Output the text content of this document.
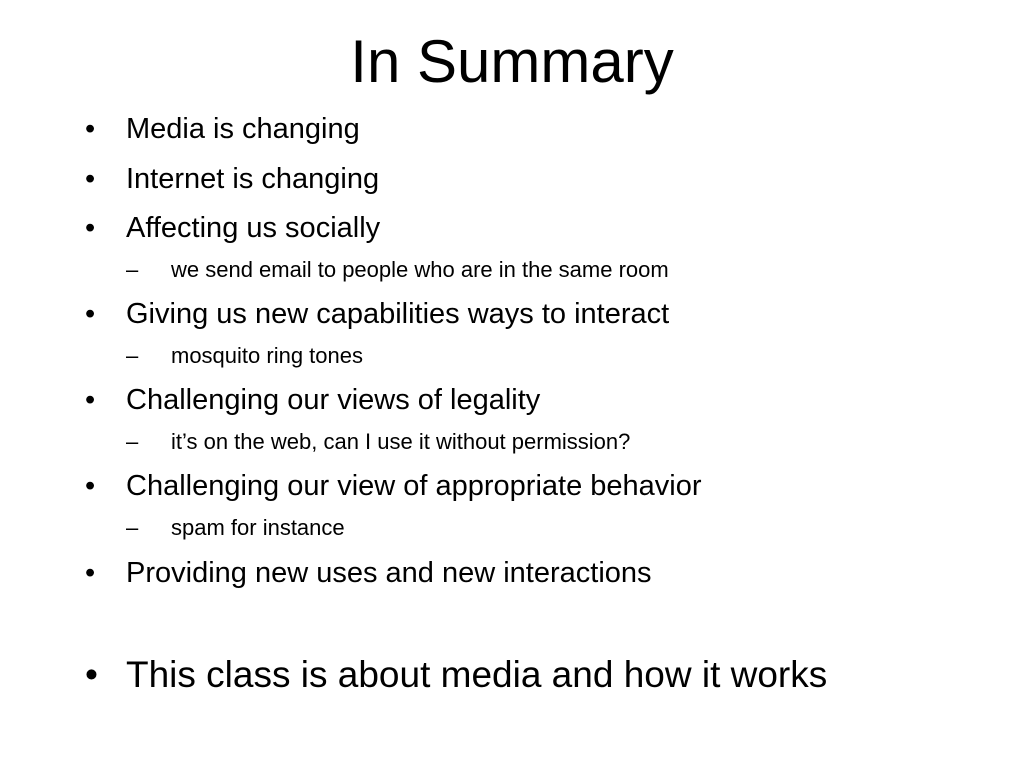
In Summary
• Media is changing
• Internet is changing
• Affecting us socially
– we send email to people who are in the same room
• Giving us new capabilities ways to interact
– mosquito ring tones
• Challenging our views of legality
– it’s on the web, can I use it without permission?
• Challenging our view of appropriate behavior
– spam for instance
• Providing new uses and new interactions
• This class is about media and how it works
